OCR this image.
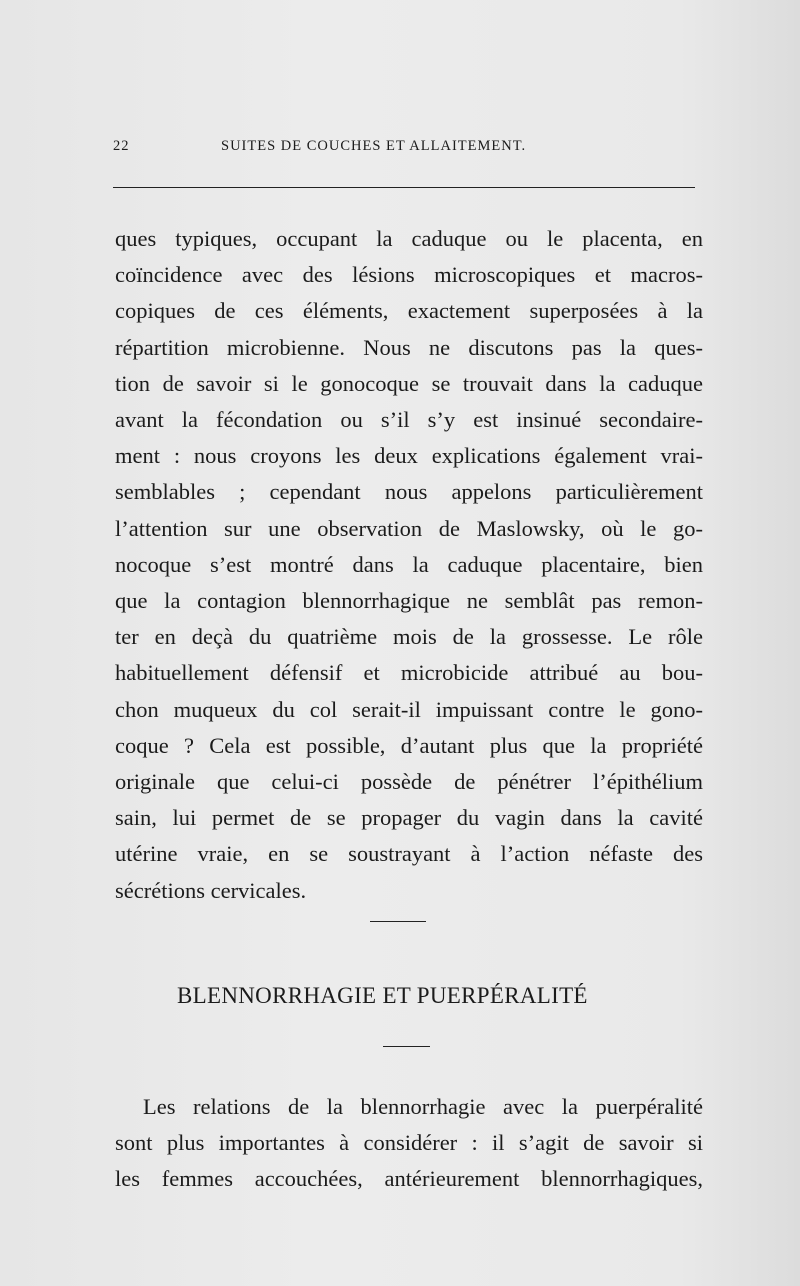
22	SUITES DE COUCHES ET ALLAITEMENT.

ques typiques, occupant la caduque ou le placenta, en
coïncidence avec des lésions microscopiques et macros-
copiques de ces éléments, exactement superposées à la
répartition microbienne. Nous ne discutons pas la ques-
tion de savoir si le gonocoque se trouvait dans la caduque
avant la fécondation ou s’il s’y est insinué secondaire-
ment : nous croyons les deux explications également vrai-
semblables ; cependant nous appelons particulièrement
l’attention sur une observation de Maslowsky, où le go-
nocoque s’est montré dans la caduque placentaire, bien
que la contagion blennorrhagique ne semblât pas remon-
ter en deçà du quatrième mois de la grossesse. Le rôle
habituellement défensif et microbicide attribué au bou-
chon muqueux du col serait-il impuissant contre le gono-
coque ? Cela est possible, d’autant plus que la propriété
originale que celui-ci possède de pénétrer l’épithélium
sain, lui permet de se propager du vagin dans la cavité
utérine vraie, en se soustrayant à l’action néfaste des
sécrétions cervicales.

BLENNORRHAGIE ET PUERPÉRALITÉ

Les relations de la blennorrhagie avec la puerpéralité
sont plus importantes à considérer : il s’agit de savoir si
les femmes accouchées, antérieurement blennorrhagiques,
